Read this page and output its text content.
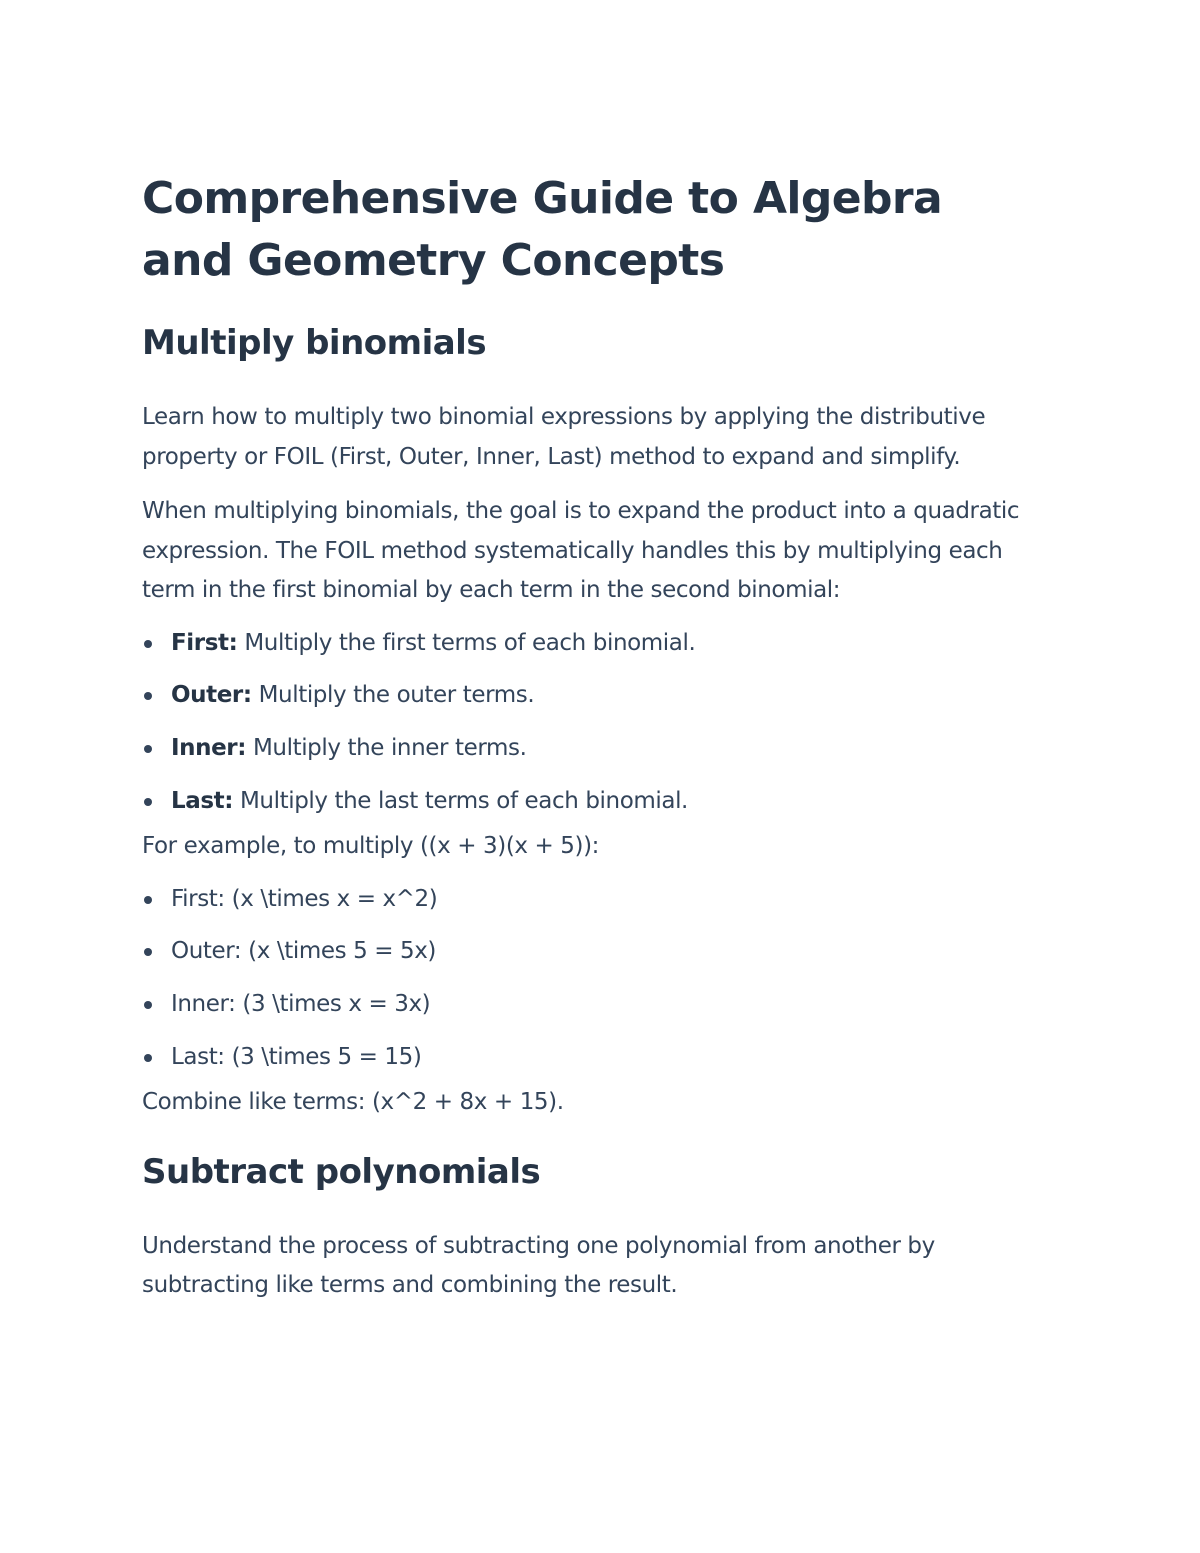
Comprehensive Guide to Algebra and Geometry Concepts
Multiply binomials

Learn how to multiply two binomial expressions by applying the distributive property or FOIL (First, Outer, Inner, Last) method to expand and simplify.

When multiplying binomials, the goal is to expand the product into a quadratic expression. The FOIL method systematically handles this by multiplying each term in the first binomial by each term in the second binomial:

First: Multiply the first terms of each binomial.
Outer: Multiply the outer terms.
Inner: Multiply the inner terms.
Last: Multiply the last terms of each binomial.

For example, to multiply ((x + 3)(x + 5)):

First: (x \times x = x^2)
Outer: (x \times 5 = 5x)
Inner: (3 \times x = 3x)
Last: (3 \times 5 = 15)

Combine like terms: (x^2 + 8x + 15).

Subtract polynomials

Understand the process of subtracting one polynomial from another by subtracting like terms and combining the result.
